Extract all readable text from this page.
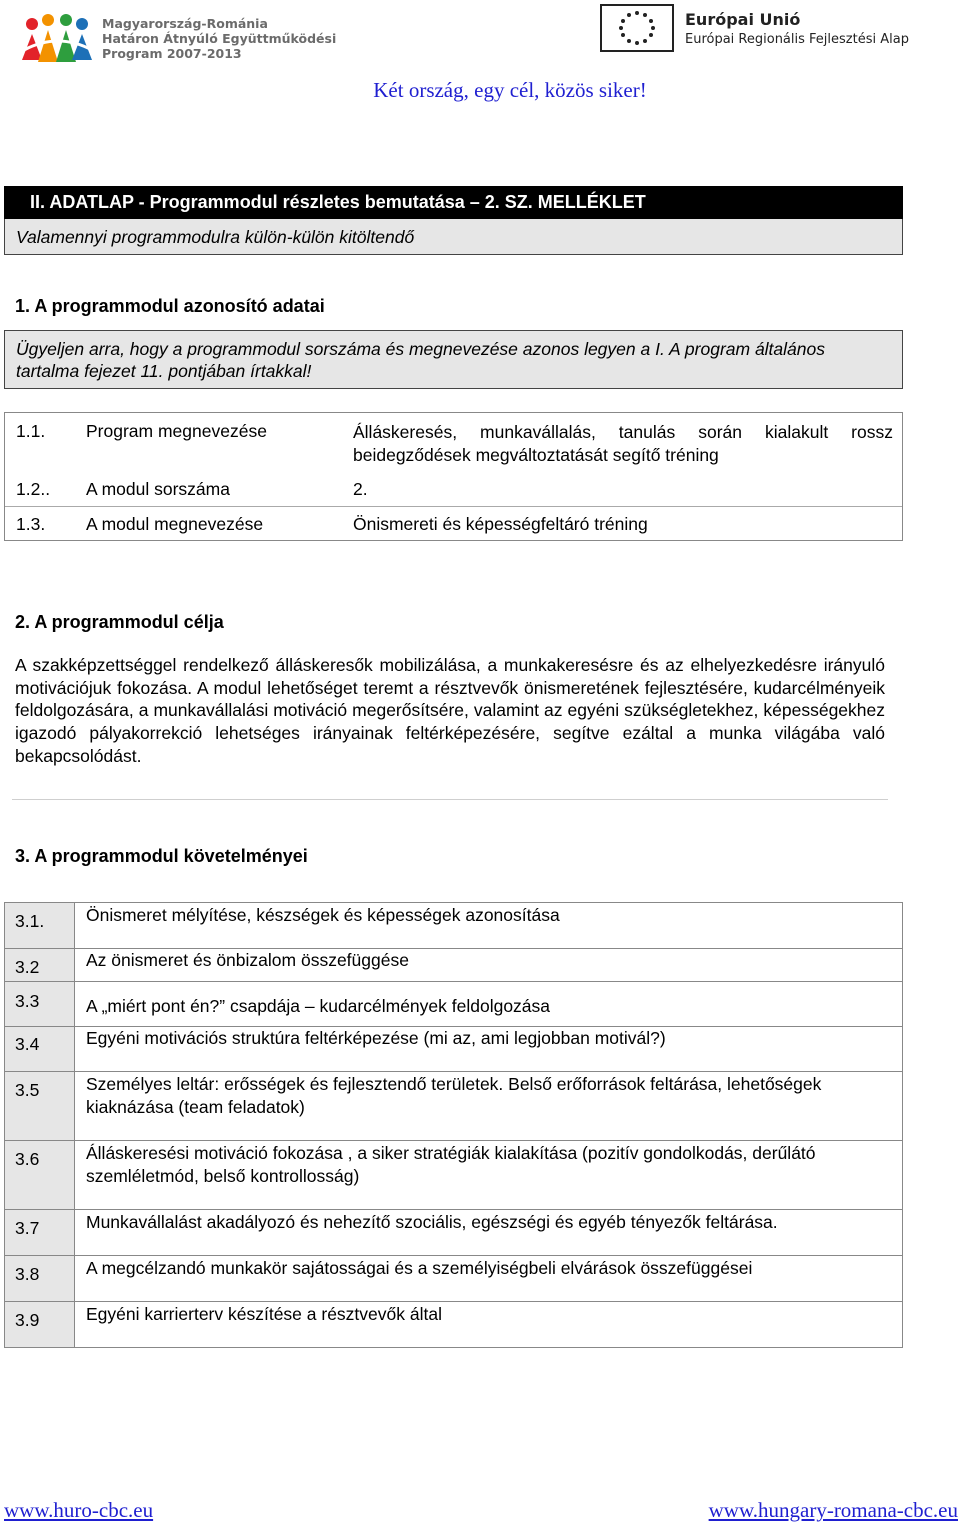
Magyarország-Románia
Határon Átnyúló Együttműködési
Program 2007-2013
Európai Unió
Európai Regionális Fejlesztési Alap
Két ország, egy cél, közös siker!
II. ADATLAP - Programmodul részletes bemutatása – 2. SZ. MELLÉKLET
Valamennyi programmodulra külön-külön kitöltendő
1. A programmodul azonosító adatai
Ügyeljen arra, hogy a programmodul sorszáma és megnevezése azonos legyen a I. A program általános tartalma fejezet 11. pontjában írtakkal!
1.1. Program megnevezése	Álláskeresés, munkavállalás, tanulás során kialakult rossz beidegződések megváltoztatását segítő tréning
1.2.. A modul sorszáma	2.
1.3. A modul megnevezése	Önismereti és képességfeltáró tréning
2. A programmodul célja
A szakképzettséggel rendelkező álláskeresők mobilizálása, a munkakeresésre és az elhelyezkedésre irányuló motivációjuk fokozása. A modul lehetőséget teremt a résztvevők önismeretének fejlesztésére, kudarcélményeik feldolgozására, a munkavállalási motiváció megerősítsére, valamint az egyéni szükségletekhez, képességekhez igazodó pályakorrekció lehetséges irányainak feltérképezésére, segítve ezáltal a munka világába való bekapcsolódást.
3. A programmodul követelményei
3.1. Önismeret mélyítése, készségek és képességek azonosítása
3.2	Az önismeret és önbizalom összefüggése
3.3	A „miért pont én?” csapdája – kudarcélmények feldolgozása
3.4	Egyéni motivációs struktúra feltérképezése (mi az, ami legjobban motivál?)
3.5	Személyes leltár: erősségek és fejlesztendő területek. Belső erőforrások feltárása, lehetőségek kiaknázása (team feladatok)
3.6	Álláskeresési motiváció fokozása , a siker stratégiák kialakítása (pozitív gondolkodás, derűlátó szemléletmód, belső kontrollosság)
3.7	Munkavállalást akadályozó és nehezítő szociális, egészségi és egyéb tényezők feltárása.
3.8	A megcélzandó munkakör sajátosságai és a személyiségbeli elvárások összefüggései
3.9	Egyéni karrierterv készítése a résztvevők által
www.huro-cbc.eu	www.hungary-romana-cbc.eu
